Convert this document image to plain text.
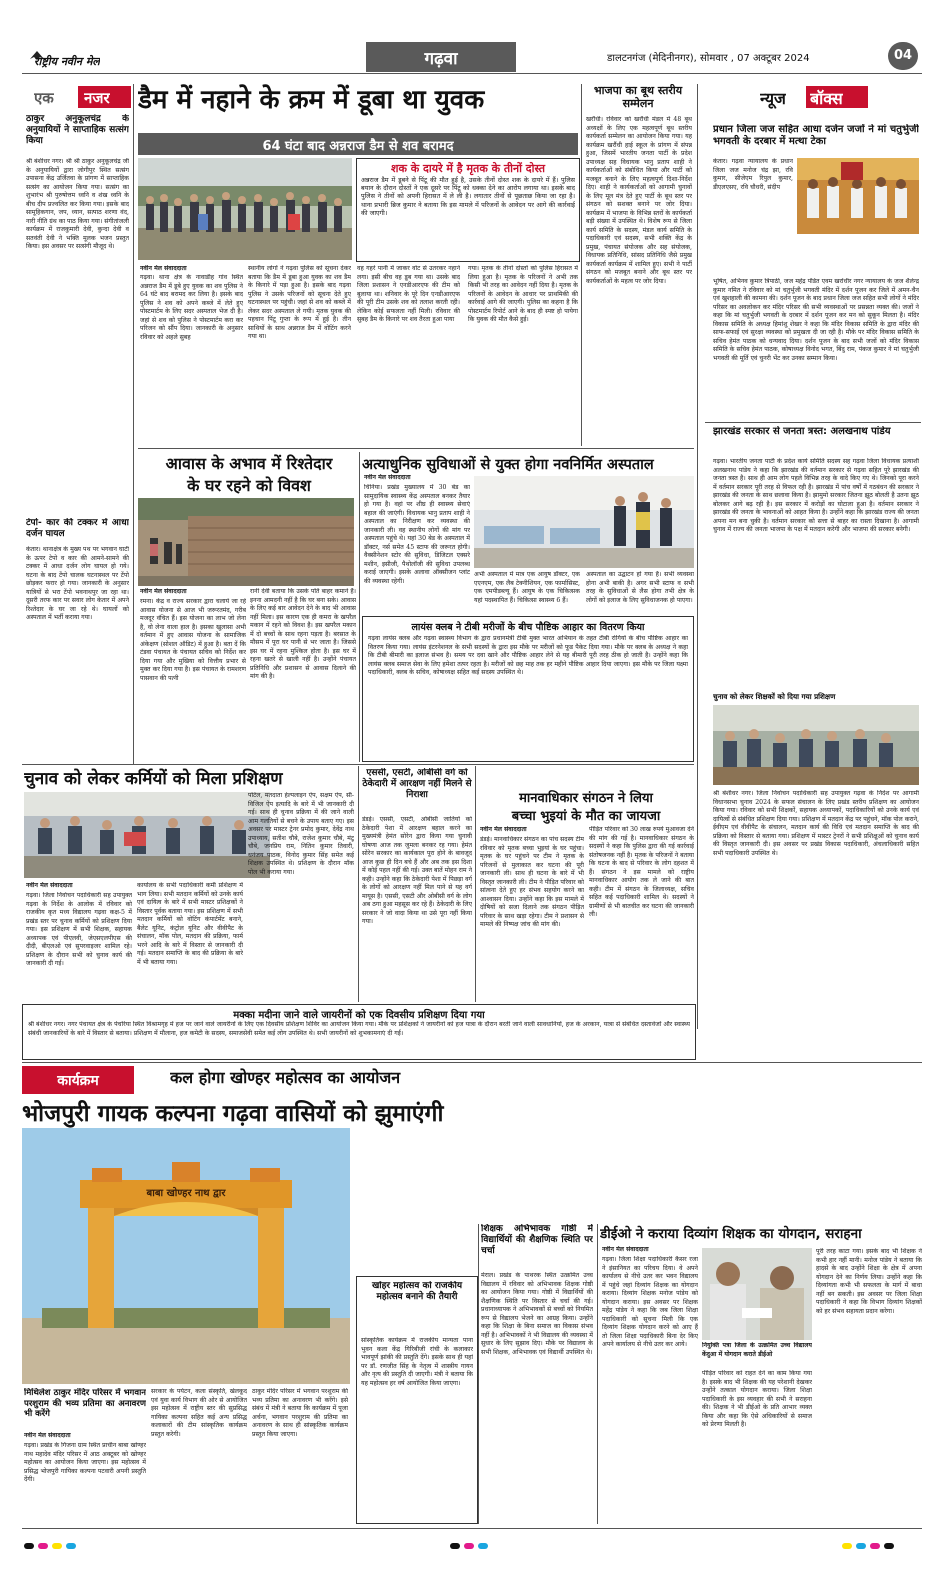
राष्ट्रीय नवीन मेल	गढ़वा	डालटनगंज (मेदिनीनगर), सोमवार , 07 अक्टूबर 2024	04
एक नजर
ठाकुर अनुकूलचंद्र के अनुयायियों ने साप्ताहिक सत्संग किया
श्री बंशीधर नगर। श्री श्री ठाकुर अनुकूलचंद्र जी के अनुयायियों द्वारा जोगीपुर स्थित सत्संग उपासना केंद्र उर्जितवा के प्रांगण में साप्ताहिक सत्संग का आयोजन किया गया। सत्संग का शुभारंभ श्री पुरुषोत्तम ध्वनि व शंख ध्वनि के बीच दीप प्रज्वलित कर किया गया। इसके बाद सामूहिकगान, जप, ध्यान, सत्पाठ शरणा वंद, नारी नीति ग्रंथ का पाठ किया गया। संगीतांजली कार्यक्रम में राजकुमारी देवी, कुन्दा देवी व सतवंती देवी ने भक्ति मूलक भजन प्रस्तुत किया। इस अवसर पर सत्संगी मौजूद थे।
टेपो- कार की टक्कर में आधा दर्जन घायल
केतार। थानाक्षेत्र के मुख्य पथ पर भगवान घाटी के ऊपर टेपो व कार की आमने-सामने की टक्कर में आधा दर्जन लोग घायल हो गये। घटना के बाद टेंपो चालक घटनास्थल पर टेंपो छोड़कर फरार हो गया। जानकारी के अनुसार यात्रियों से भरा टेंपो भवनाथपुर जा रहा था। दूसरी तरफ कार पर सवार लोग केतार में अपने रिश्तेदार के घर जा रहे थे। घायलों को अस्पताल में भर्ती कराया गया।
डैम में नहाने के क्रम में डूबा था युवक
64 घंटा बाद अन्नराज डैम से शव बरामद
शक के दायरे में है मृतक के तीनों दोस्त
अन्नराज डैम में डूबने से पिंटू की मौत हुई है, उसके तीनों दोस्त शक के दायरे में हैं। पुलिस बयान के दौरान दोस्तों ने एक दूसरे पर पिंटू को धक्का देने का आरोप लगाया था। इसके बाद पुलिस ने तीनों को अपनी हिरासत में ले ली है। लगातार तीनों से पूछताछ किया जा रहा है। थाना प्रभारी ब्रिज कुमार ने बताया कि इस मामले में परिजनों के आवेदन पर आगे की कार्रवाई की जाएगी।
नवीन मेल संवाददाता
गढ़वा। थाना क्षेत्र के नावाडीह गांव स्थित अन्नराज डैम में डूबे हुए युवक का शव पुलिस ने 64 घंटे बाद बरामद कर लिया है। इसके बाद पुलिस ने शव को अपने कब्जे में लेते हुए पोस्टमार्टम के लिए सदर अस्पताल भेज दी है। जहां से शव को पुलिस ने पोस्टमार्टम करा कर परिजन को सौंप दिया। जानकारी के अनुसार रविवार को अहले सुबह
स्थानीय लोगों ने गढ़वा पुलिस को सूचना देकर बताया कि डैम में डूबा हुआ युवक का शव डैम के किनारे में पड़ा हुआ है। इसके बाद गढ़वा पुलिस ने उसके परिजनों को सूचना देते हुए घटनास्थल पर पहुंची। जहां से शव को कब्जे में लेकर सदर अस्पताल ले गयी। मृतक युवक की पहचान पिंटू गुप्ता के रूप में हुई है। तीन साथियों के साथ अन्नराज डैम में वोटिंग करने गया था।
वह गहरे पानी में जाकर वोट से उतरकर नहाने लगा। इसी बीच वह डूब गया था। उसके बाद जिला प्रशासन ने एनडीआरएफ की टीम को बुलाया था। शनिवार के पूरे दिन एनडीआरएफ की पूरी टीम उसके शव को तलाश करती रही। लेकिन कोई सफलता नहीं मिली। रविवार की सुबह डैम के किनारे पर शव तैरता हुआ पाया
गया। मृतक के तीनों दोस्तों को पुलिस हिरासत में लिया हुआ है। मृतक के परिजनों ने अभी तक किसी भी तरह का आवेदन नहीं दिया है। मृतक के परिजनों के आवेदन के आधार पर प्राथमिकी की कार्रवाई आगे की जाएगी। पुलिस का कहना है कि पोस्टमार्टम रिपोर्ट आने के बाद ही स्पष्ट हो पायेगा कि युवक की मौत कैसे हुई।
भाजपा का बूथ स्तरीय सम्मेलन
खरौंधी। रविवार को खरौंधी मंडल में 48 बूथ अध्यक्षों के लिए एक महत्वपूर्ण बूथ स्तरीय कार्यकर्ता सम्मेलन का आयोजन किया गया। यह कार्यक्रम खरौंधी हाई स्कूल के प्रांगण में संपन्न हुआ, जिसमें भारतीय जनता पार्टी के प्रदेश उपाध्यक्ष सह विधायक भानु प्रताप शाही ने कार्यकर्ताओं को संबोधित किया और पार्टी को मजबूत बनाने के लिए महत्वपूर्ण दिशा-निर्देश दिए। शाही ने कार्यकर्ताओं को आगामी चुनावों के लिए मूल मंत्र देते हुए पार्टी के बूथ स्तर पर संगठन को सशक्त बनाने पर जोर दिया। कार्यक्रम में भाजपा के विभिन्न स्तरों के कार्यकर्ता बड़ी संख्या में उपस्थित थे। विशेष रूप से जिला कार्य समिति के सदस्य, मंडल कार्य समिति के पदाधिकारी एवं सदस्य, सभी शक्ति केंद्र के प्रमुख, पंचायत संयोजक और सह संयोजक, विधायक प्रतिनिधि, सांसद प्रतिनिधि जैसे प्रमुख कार्यकर्ता कार्यक्रम में शामिल हुए। सभी ने पार्टी संगठन को मजबूत बनाने और बूथ स्तर पर कार्यकर्ताओं के महत्व पर जोर दिया।
न्यूज बॉक्स
प्रधान जिला जज सहित आधा दर्जन जजों ने मां चतुर्भुजी भगवती के दरबार में मत्था टेका
केतार। गढ़वा न्यायालय के प्रधान जिला जज मनोज चंद्र झा, रवि कुमार, सीजेएम रिपुल कुमार, डीएलएसए, रवि चौधरी, संदीप
भूषित, अभिनव कुमार त्रिपाठी, जज महेंद्र पंडित एवम खरोंधीर नगर न्यायालय के जज शैलेन्द्र कुमार नमित ने रविवार को मां चतुर्भुजी भगवती मंदिर में दर्शन पूजन कर जिले में अमन-चैन एवं खुशहाली की कामना की। दर्शन पूजन के बाद प्रधान जिला जज सहित सभी लोगों ने मंदिर परिसर का अवलोकन कर मंदिर परिसर की सभी व्यवस्थाओं पर प्रसन्नता व्यक्त की। जजों ने कहा कि मां चतुर्भुजी भगवती के दरबार में दर्शन पूजन कर मन को सुकून मिलता है। मंदिर विकास समिति के अध्यक्ष हिमांशु शेखर ने कहा कि मंदिर विकास समिति के द्वारा मंदिर की साफ-सफाई एवं सुरक्षा व्यवस्था को प्रमुखता दी जा रही है। मौके पर मंदिर विकास समिति के सचिव हेमंत पाठक को धन्यवाद दिया। दर्शन पूजन के बाद सभी जजों को मंदिर विकास समिति के सचिव हेमंत पाठक, कोषाध्यक्ष विनोद भगत, बिंदु राम, पंकज कुमार ने मां चतुर्भुजी भगवती की मूर्ति एवं चुनरी भेंट कर उनका सम्मान किया।
झारखंड सरकार से जनता त्रस्त: अलखनाथ पांडेय
गढ़वा। भारतीय जनता पार्टी के प्रदेश कार्य समिति सदस्य सह गढ़वा जिला विधायक प्रत्याशी अलखनाथ पांडेय ने कहा कि झारखंड की वर्तमान सरकार से गढ़वा सहित पूरे झारखंड की जनता त्रस्त है। साथ ही आम लोग पहले विभिन्न तरह के वादे किए गए थे। जिनको पूरा करने में वर्तमान सरकार पूरी तरह से विफल रही है। झारखंड में पांच वर्षों में गठबंधन की सरकार ने झारखंड की जनता के साथ छलावा किया है। झामुमो सरकार जितना झूठ बोलती है उतना झूठ बोलकर आगे बढ़ रही है। इस सरकार में करोड़ों का घोटाला हुआ है। वर्तमान सरकार ने झारखंड की जनता के भावनाओं को आहत किया है। उन्होंने कहा कि झारखंड राज्य की जनता अपना मन बना चुकी है। वर्तमान सरकार को सत्ता से बाहर का रास्ता दिखाना है। आगामी चुनाव में राज्य की जनता भाजपा के पक्ष में मतदान करेगी और भाजपा की सरकार बनेगी।
चुनाव को लेकर शिक्षकों को दिया गया प्रशिक्षण
श्री बंशीधर नगर। जिला निर्वाचन पदाधिकारी सह उपायुक्त गढ़वा के निर्देश पर आगामी विधानसभा चुनाव 2024 के सफल संचालन के लिए प्रखंड स्तरीय प्रशिक्षण का आयोजन किया गया। रविवार को सभी शिक्षकों, सहायक अध्यापकों, पदाधिकारियों को उनके कार्य एवं दायित्वों से संबंधित प्रशिक्षण दिया गया। प्रशिक्षण में मतदान केंद्र पर पहुंचने, मॉक पोल कराने, ईवीएम एवं वीवीपैट के संचालन, मतदान कार्य की विधि एवं मतदान समाप्ति के बाद की प्रक्रिया को विस्तार से बताया गया। प्रशिक्षण में मास्टर ट्रेनरों ने सभी प्रशिक्षुओं को चुनाव कार्य की विस्तृत जानकारी दी। इस अवसर पर प्रखंड विकास पदाधिकारी, अंचलाधिकारी सहित सभी पदाधिकारी उपस्थित थे।
आवास के अभाव में रिश्तेदार
के घर रहने को विवश
नवीन मेल संवाददाता
रमना। केंद्र व राज्य सरकार द्वारा चलाये जा रहे आवास योजना से आज भी जरूरतमंद, गरीब मजदूर वंचित हैं। इस योजना का लाभ जो लेना है, वो लेना वाला हाल है। इसका खुलासा अभी वर्तमान में हुए आवास योजना के सामाजिक अंकेक्षण (सोशल ऑडिट) में हुआ है। बता दें कि टंडवा पंचायत के पंचायत सचिव को निर्देश कर दिया गया और मुखिया को वित्तीय प्रभार से मुक्त कर दिया गया है। इस पंचायत के रामशरण पासवान की पत्नी
रानी देवी बताया कि उसके पति बाहर कमाने हैं। इनना आमदनी नहीं है कि घर बना सके। आवास के लिए कई बार आवेदन देने के बाद भी आवास नहीं मिला। इस कारण एक ही कमरा के खपरैल मकान में रहने को विवश है। इस खपरैल मकान में दो बच्चों के साथ रहना पड़ता है। बरसात के मौसम में पूरा घर पानी से भर जाता है। जिससे इस घर में रहना मुश्किल होता है। इस घर में रहना खतरे से खाली नहीं है। उन्होंने पंचायत प्रतिनिधि और प्रशासन से आवास दिलाने की मांग की है।
अत्याधुनिक सुविधाओं से युक्त होगा नवनिर्मित अस्पताल
नवीन मेल संवाददाता
चिनिया। प्रखंड मुख्यालय में 30 बेड का सामुदायिक स्वास्थ्य केंद्र अस्पताल बनकर तैयार हो गया है। वहां पर शीघ्र ही स्वास्थ्य सेवाएं बहाल की जाएंगी। विधायक भानु प्रताप शाही ने अस्पताल का निरीक्षण कर व्यवस्था की जानकारी ली। वह स्थानीय लोगों की मांग पर अस्पताल पहुंचे थे। यहां 30 बेड के अस्पताल में डॉक्टर, नर्स समेत 45 स्टाफ की जरूरत होगी। वैक्सीनेशन स्टोर की सुविधा, डिजिटल एक्सरे मशीन, इसीजी, पैथोलॉजी की सुविधा उपलब्ध कराई जाएगी। इसके अलावा ऑक्सीजन प्लांट की व्यवस्था रहेगी।
अभी अस्पताल में मात्र एक आयुष डॉक्टर, एक एएनएम, एक लैब टेक्नीशियन, एक फार्मासिस्ट, एक एमपीडब्ल्यू हैं। आयुष के एक चिकित्सक यहां पदस्थापित हैं। चिकित्सा स्वास्थ्य 6 हैं।
अस्पताल का उद्घाटन हो गया है। सभी व्यवस्था होना अभी बाकी है। अगर सभी स्टाफ व सभी तरह के सुविधाओं से लैस होगा तभी क्षेत्र के लोगों को इलाज के लिए सुविधाजनक हो पाएगा।
लायंस क्लब ने टीबी मरीजों के बीच पौष्टिक आहार का वितरण किया
गढ़वा लायंस क्लब और गढ़वा स्वास्थ्य विभाग के द्वारा प्रधानमंत्री टीबी मुक्त भारत अभियान के तहत टीबी रोगियों के बीच पौष्टिक आहार का वितरण किया गया। लायंस इंटरनेशनल के सभी सदस्यों के द्वारा इस मौके पर मरीजों को फूड पैकेट दिया गया। मौके पर क्लब के अध्यक्ष ने कहा कि टीबी बीमारी का इलाज संभव है। समय पर दवा खाने और पौष्टिक आहार लेने से यह बीमारी पूरी तरह ठीक हो जाती है। उन्होंने कहा कि लायंस क्लब समाज सेवा के लिए हमेशा तत्पर रहता है। मरीजों को छह माह तक हर महीने पौष्टिक आहार दिया जाएगा। इस मौके पर जिला यक्ष्मा पदाधिकारी, क्लब के सचिव, कोषाध्यक्ष सहित कई सदस्य उपस्थित थे।
चुनाव को लेकर कर्मियों को मिला प्रशिक्षण
नवीन मेल संवाददाता
गढ़वा। जिला निर्वाचन पदाधिकारी सह उपायुक्त गढ़वा के निर्देश के आलोक में रविवार को राजकीय कृत मध्य विद्यालय गढ़वा कक्ष-5 में प्रखंड स्तर पर चुनाव कर्मियों को प्रशिक्षण दिया गया। इस प्रशिक्षण में सभी शिक्षक, सहायक अध्यापक एवं पीएलवी, जेएसएलपीएस की दीदी, बीएलओ एवं सुपरवाइजर शामिल रहे। प्रशिक्षण के दौरान सभी को चुनाव कार्य की जानकारी दी गई।
कार्यालय के सभी पदाधिकारी कर्मी प्रशिक्षण में भाग लिया। सभी मतदान कर्मियों को उनके कार्य एवं दायित्व के बारे में सभी मास्टर प्रशिक्षकों ने विस्तार पूर्वक बताया गया। इस प्रशिक्षण में सभी मतदान कर्मियों को वोटिंग कंपार्टमेंट बनाने, बैलेट यूनिट, कंट्रोल यूनिट और वीवीपैट के संचालन, मॉक पोल, मतदान की प्रक्रिया, फार्म भरने आदि के बारे में विस्तार से जानकारी दी गई। मतदान समाप्ति के बाद की प्रक्रिया के बारे में भी बताया गया।
पोर्टल, मतदाता हेल्पलाइन ऐप, सक्षम ऐप, सी-विजिल ऐप इत्यादि के बारे में भी जानकारी दी गई। साथ ही चुनाव प्रक्रिया में की जाने वाली आम गलतियों से बचने के उपाय बताए गए। इस अवसर पर मास्टर ट्रेनर प्रमोद कुमार, देवेंद्र नाथ उपाध्याय, सतीश चौबे, राजेश कुमार चौबे, मंटू चौबे, जनप्रिय राम, नितिन कुमार तिवारी, धनंजय पाठक, विनोद कुमार सिंह समेत कई शिक्षक उपस्थित थे। प्रशिक्षण के दौरान मॉक पोल भी कराया गया।
एससी, एसटी, ओबीसी वर्ग को ठेकेदारी में आरक्षण नहीं मिलने से निराशा
डंडई। एससी, एसटी, ओबीसी जातियों को ठेकेदारी पेशा में आरक्षण बहाल करने का मुख्यमंत्री हेमंत सोरेन द्वारा किया गया चुनावी घोषणा आज तक जुमला बनकर रह गया। हेमंत सोरेन सरकार का कार्यकाल पूरा होने के बावजूद आज कुछ ही दिन बचे हैं और अब तक इस दिशा में कोई पहल नहीं की गई। उक्त बातें मोहन राम ने कही। उन्होंने कहा कि ठेकेदारी पेशा में पिछड़ा वर्ग के लोगों को आरक्षण नहीं मिल पाने से यह वर्ग मायूस है। एससी, एसटी और ओबीसी वर्ग के लोग अब ठगा हुआ महसूस कर रहे हैं। ठेकेदारी के लिए सरकार ने जो वादा किया था उसे पूरा नहीं किया गया।
मानवाधिकार संगठन ने लिया
बच्चा भुइयां के मौत का जायजा
नवीन मेल संवाददाता
डंडई। मानवाधिकार संगठन का पांच सदस्य टीम रविवार को मृतक बच्चा भुइयां के घर पहुंचा। मृतक के घर पहुंचने पर टीम ने मृतक के परिजनों से मुलाकात कर घटना की पूरी जानकारी ली। साथ ही घटना के बारे में भी विस्तृत जानकारी ली। टीम ने पीड़ित परिवार को सांत्वना देते हुए हर संभव सहयोग करने का आश्वासन दिया। उन्होंने कहा कि इस मामले में दोषियों को सजा दिलाने तक संगठन पीड़ित परिवार के साथ खड़ा रहेगा। टीम ने प्रशासन से मामले की निष्पक्ष जांच की मांग की।
पीड़ित परिवार को 30 लाख रुपये मुआवजा देने की मांग की गई है। मानवाधिकार संगठन के सदस्यों ने कहा कि पुलिस द्वारा की गई कार्रवाई संतोषजनक नहीं है। मृतक के परिजनों ने बताया कि घटना के बाद से परिवार के लोग दहशत में हैं। संगठन ने इस मामले को राष्ट्रीय मानवाधिकार आयोग तक ले जाने की बात कही। टीम में संगठन के जिलाध्यक्ष, सचिव सहित कई पदाधिकारी शामिल थे। सदस्यों ने ग्रामीणों से भी बातचीत कर घटना की जानकारी ली।
मक्का मदीना जाने वाले जायरीनों को एक दिवसीय प्रशिक्षण दिया गया
श्री बंशीधर नगर। नगर पंचायत क्षेत्र के पेचरिया स्थित विश्रामगृह में हज पर जाने वाले जायरीनों के लिए एक दिवसीय प्रशिक्षण शिविर का आयोजन किया गया। मौके पर प्रशिक्षकों ने जायरीनों को हज यात्रा के दौरान बरती जाने वाली सावधानियों, हज के अरकान, यात्रा से संबंधित दस्तावेजों और स्वास्थ्य संबंधी जानकारियों के बारे में विस्तार से बताया। प्रशिक्षण में मौलाना, हज कमेटी के सदस्य, समाजसेवी समेत कई लोग उपस्थित थे। सभी जायरीनों को शुभकामनाएं दी गईं।
कार्यक्रम	कल होगा खोण्हर महोत्सव का आयोजन
भोजपुरी गायक कल्पना गढ़वा वासियों को झुमाएंगी
बाबा खोण्हर नाथ द्वार
मिथिलेश ठाकुर मंदिर परिसर में भगवान परशुराम की भव्य प्रतिमा का अनावरण भी करेंगे
नवीन मेल संवाददाता
गढ़वा। प्रखंड के गिजना ग्राम स्थित प्राचीन बाबा खोण्हर नाथ महादेव मंदिर परिसर में आठ अक्टूबर को खोण्हर महोत्सव का आयोजन किया जाएगा। इस महोत्सव में प्रसिद्ध भोजपुरी गायिका कल्पना पटवारी अपनी प्रस्तुति देंगी।
सरकार के पर्यटन, कला संस्कृति, खेलकूद एवं युवा कार्य विभाग की ओर से आयोजित इस महोत्सव में राष्ट्रीय स्तर की सुप्रसिद्ध गायिका कल्पना सहित कई अन्य प्रसिद्ध कलाकारों की टीम सांस्कृतिक कार्यक्रम प्रस्तुत करेगी।
ठाकुर मंदिर परिसर में भगवान परशुराम की भव्य प्रतिमा का अनावरण भी करेंगे। इसे संबंध में मंत्री ने बताया कि कार्यक्रम में पूजा अर्चना, भगवान परशुराम की प्रतिमा का अनावरण के साथ ही सांस्कृतिक कार्यक्रम प्रस्तुत किया जाएगा।
खोंहर महोत्सव को राजकीय महोत्सव बनाने की तैयारी
सांस्कृतिक कार्यक्रम में राजकीय मान्यता पाना भुवन कला केंद्र गिरिबीजी रांची के कलाकार भावपूर्ण झांकी की प्रस्तुति देंगे। इसके साथ ही यहां पर डॉ. रणजीत सिंह के नेतृत्व में शास्त्रीय गायन और नृत्य की प्रस्तुति दी जाएगी। मंत्री ने बताया कि यह महोत्सव हर वर्ष आयोजित किया जाएगा।
शिक्षक अभिभावक गोष्ठी में विद्यार्थियों की शैक्षणिक स्थिति पर चर्चा
मेराल। प्रखंड के पाथरक स्थित उत्क्रमित उच्च विद्यालय में रविवार को अभिभावक शिक्षक गोष्ठी का आयोजन किया गया। गोष्ठी में विद्यार्थियों की शैक्षणिक स्थिति पर विस्तार से चर्चा की गई। प्रधानाध्यापक ने अभिभावकों से बच्चों को नियमित रूप से विद्यालय भेजने का आग्रह किया। उन्होंने कहा कि शिक्षा के बिना समाज का विकास संभव नहीं है। अभिभावकों ने भी विद्यालय की व्यवस्था में सुधार के लिए सुझाव दिए। मौके पर विद्यालय के सभी शिक्षक, अभिभावक एवं विद्यार्थी उपस्थित थे।
डीईओ ने कराया दिव्यांग शिक्षक का योगदान, सराहना
नवीन मेल संवाददाता
गढ़वा। जिला शिक्षा पदाधिकारी कैसर रजा ने इंसानियत का परिचय दिया। वे अपने कार्यालय से नीचे उतर कर भवन विद्यालय में पहुंचे जहां दिव्यांग शिक्षक का योगदान कराया। दिव्यांग शिक्षक मनोज पांडेय को योगदान कराया। इस अवसर पर शिक्षक महेंद्र पांडेय ने कहा कि जब जिला शिक्षा पदाधिकारी को सूचना मिली कि एक दिव्यांग शिक्षक योगदान करने को आए हैं तो जिला शिक्षा पदाधिकारी बिना देर किए अपने कार्यालय से नीचे उतर कर आये।	नियुक्ति पत्रा जिला के उत्क्रमित उच्च विद्यालय केंदुआ में योगदान कराते डीईओ
पीड़ित परिवार को राहत देने का काम किया गया है। इसके बाद भी शिक्षक की यह परेशानी देखकर उन्होंने तत्काल योगदान कराया। जिला शिक्षा पदाधिकारी के इस व्यवहार की सभी ने सराहना की। शिक्षक ने भी डीईओ के प्रति आभार व्यक्त किया और कहा कि ऐसे अधिकारियों से समाज को प्रेरणा मिलती है।
पूरी तरह काटा गया। इसके बाद भी शिक्षक ने कभी हार नहीं मानी। मनोज पांडेय ने बताया कि हादसे के बाद उन्होंने शिक्षा के क्षेत्र में अपना योगदान देने का निर्णय लिया। उन्होंने कहा कि दिव्यांगता कभी भी सफलता के मार्ग में बाधा नहीं बन सकती। इस अवसर पर जिला शिक्षा पदाधिकारी ने कहा कि विभाग दिव्यांग शिक्षकों को हर संभव सहायता प्रदान करेगा।
